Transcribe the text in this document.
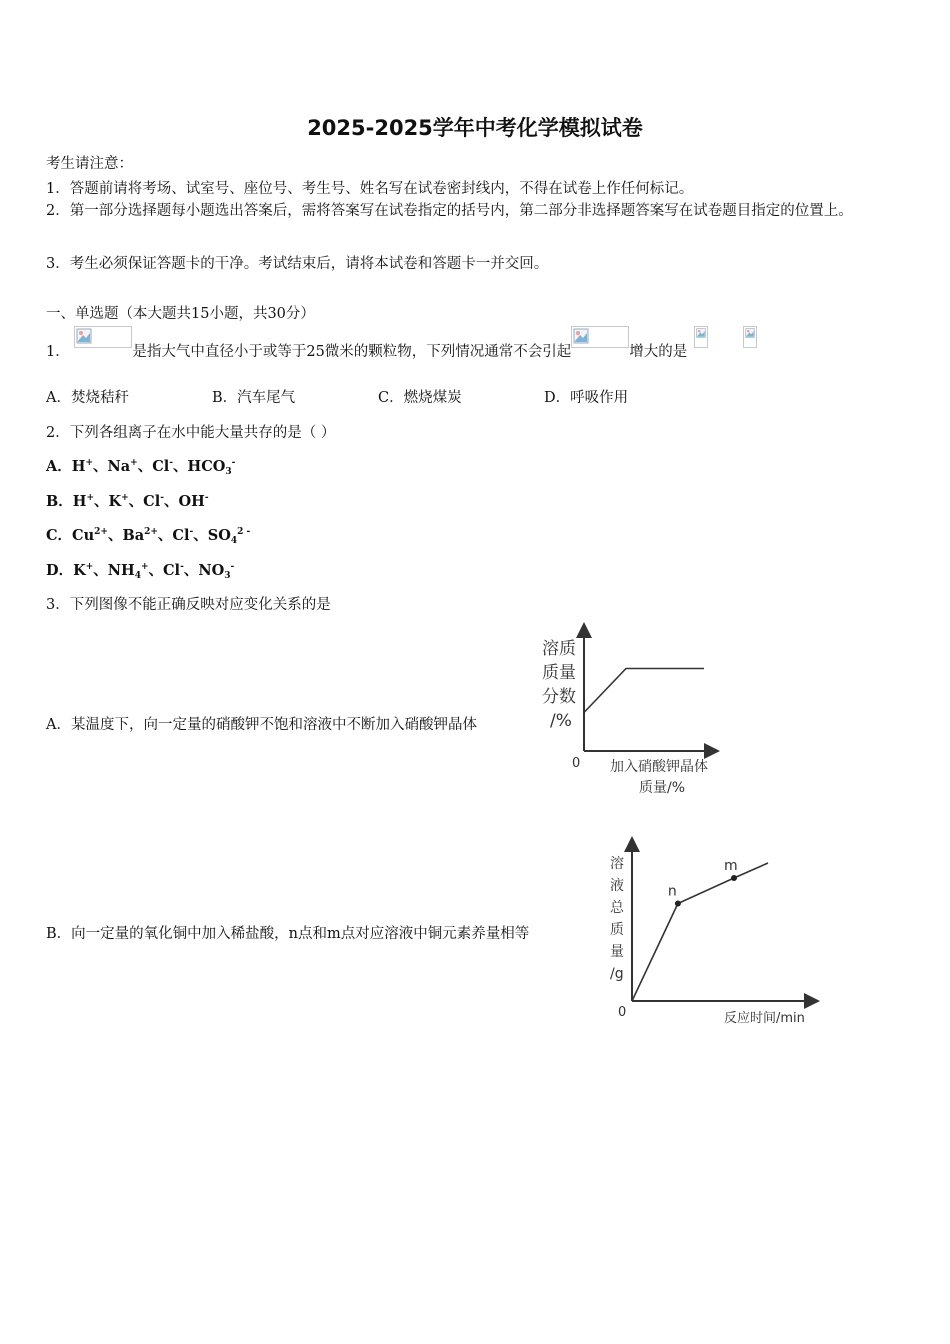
2025-2025学年中考化学模拟试卷
考生请注意：
1．答题前请将考场、试室号、座位号、考生号、姓名写在试卷密封线内，不得在试卷上作任何标记。
2．第一部分选择题每小题选出答案后，需将答案写在试卷指定的括号内，第二部分非选择题答案写在试卷题目指定的位置上。
3．考生必须保证答题卡的干净。考试结束后，请将本试卷和答题卡一并交回。
一、单选题（本大题共15小题，共30分）
1．	是指大气中直径小于或等于25微米的颗粒物，下列情况通常不会引起	增大的是

A．焚烧秸秆	B．汽车尾气	C．燃烧煤炭	D．呼吸作用
2．下列各组离子在水中能大量共存的是（ ）
A．H+、Na+、Cl-、$HCO_3^-$
B．H+、K+、Cl-、OH-
C．$Cu^{2+}$、$Ba^{2+}$、Cl-、$SO_4^{2 -}$
D．K+、$NH_4^+$、Cl-、$NO_3^-$
3．下列图像不能正确反映对应变化关系的是
A．某温度下，向一定量的硝酸钾不饱和溶液中不断加入硝酸钾晶体
溶质
质量
分数
/%
0 加入硝酸钾晶体
质量/%
B．向一定量的氧化铜中加入稀盐酸，n点和m点对应溶液中铜元素养量相等
溶
液
总
质
量
/g
0	反应时间/min
n
m
